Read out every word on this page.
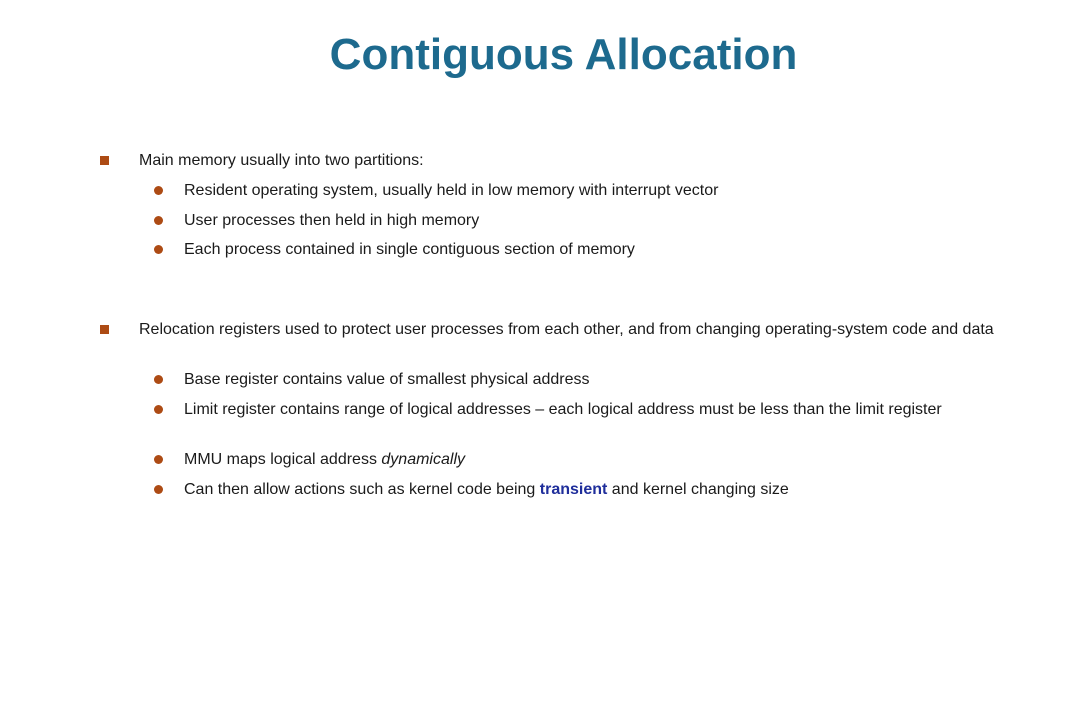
Contiguous Allocation
Main memory usually into two partitions:
Resident operating system, usually held in low memory with interrupt vector
User processes then held in high memory
Each process contained in single contiguous section of memory
Relocation registers used to protect user processes from each other, and from changing operating-system code and data
Base register contains value of smallest physical address
Limit register contains range of logical addresses – each logical address must be less than the limit register
MMU maps logical address dynamically
Can then allow actions such as kernel code being transient and kernel changing size
